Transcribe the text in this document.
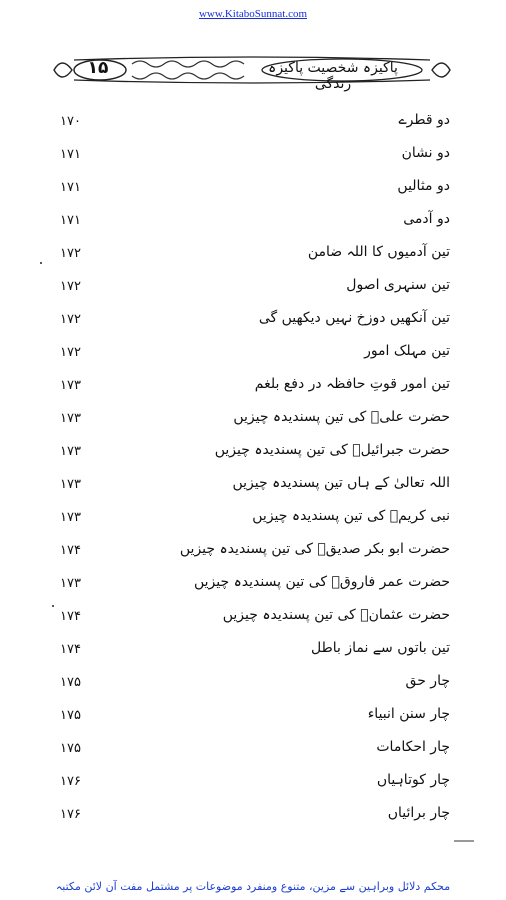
www.KitaboSunnat.com
۱۵	پاکیزہ شخصیت پاکیزہ زندگی
دو قطرے
۱۷۰
دو نشان
۱۷۱
دو مثالیں
۱۷۱
دو آدمی
۱۷۱
تین آدمیوں کا اللہ ضامن
۱۷۲
تین سنہری اصول
۱۷۲
تین آنکھیں دوزخ نہیں دیکھیں گی
۱۷۲
تین مہلک امور
۱۷۲
تین امور قوتِ حافظہ در دفع بلغم
۱۷۳
حضرت علیؓ کی تین پسندیدہ چیزیں
۱۷۳
حضرت جبرائیلؑ کی تین پسندیدہ چیزیں
۱۷۳
اللہ تعالیٰ کے ہاں تین پسندیدہ چیزیں
۱۷۳
نبی کریمؐ کی تین پسندیدہ چیزیں
۱۷۳
حضرت ابو بکر صدیقؓ کی تین پسندیدہ چیزیں
۱۷۴
حضرت عمر فاروقؓ کی تین پسندیدہ چیزیں
۱۷۳
حضرت عثمانؓ کی تین پسندیدہ چیزیں
۱۷۴
تین باتوں سے نماز باطل
۱۷۴
چار حق
۱۷۵
چار سنن انبیاء
۱۷۵
چار احکامات
۱۷۵
چار کوتاہیاں
۱۷۶
چار برائیاں
۱۷۶
محکم دلائل وبراہین سے مزین، متنوع ومنفرد موضوعات پر مشتمل مفت آن لائن مکتبہ
